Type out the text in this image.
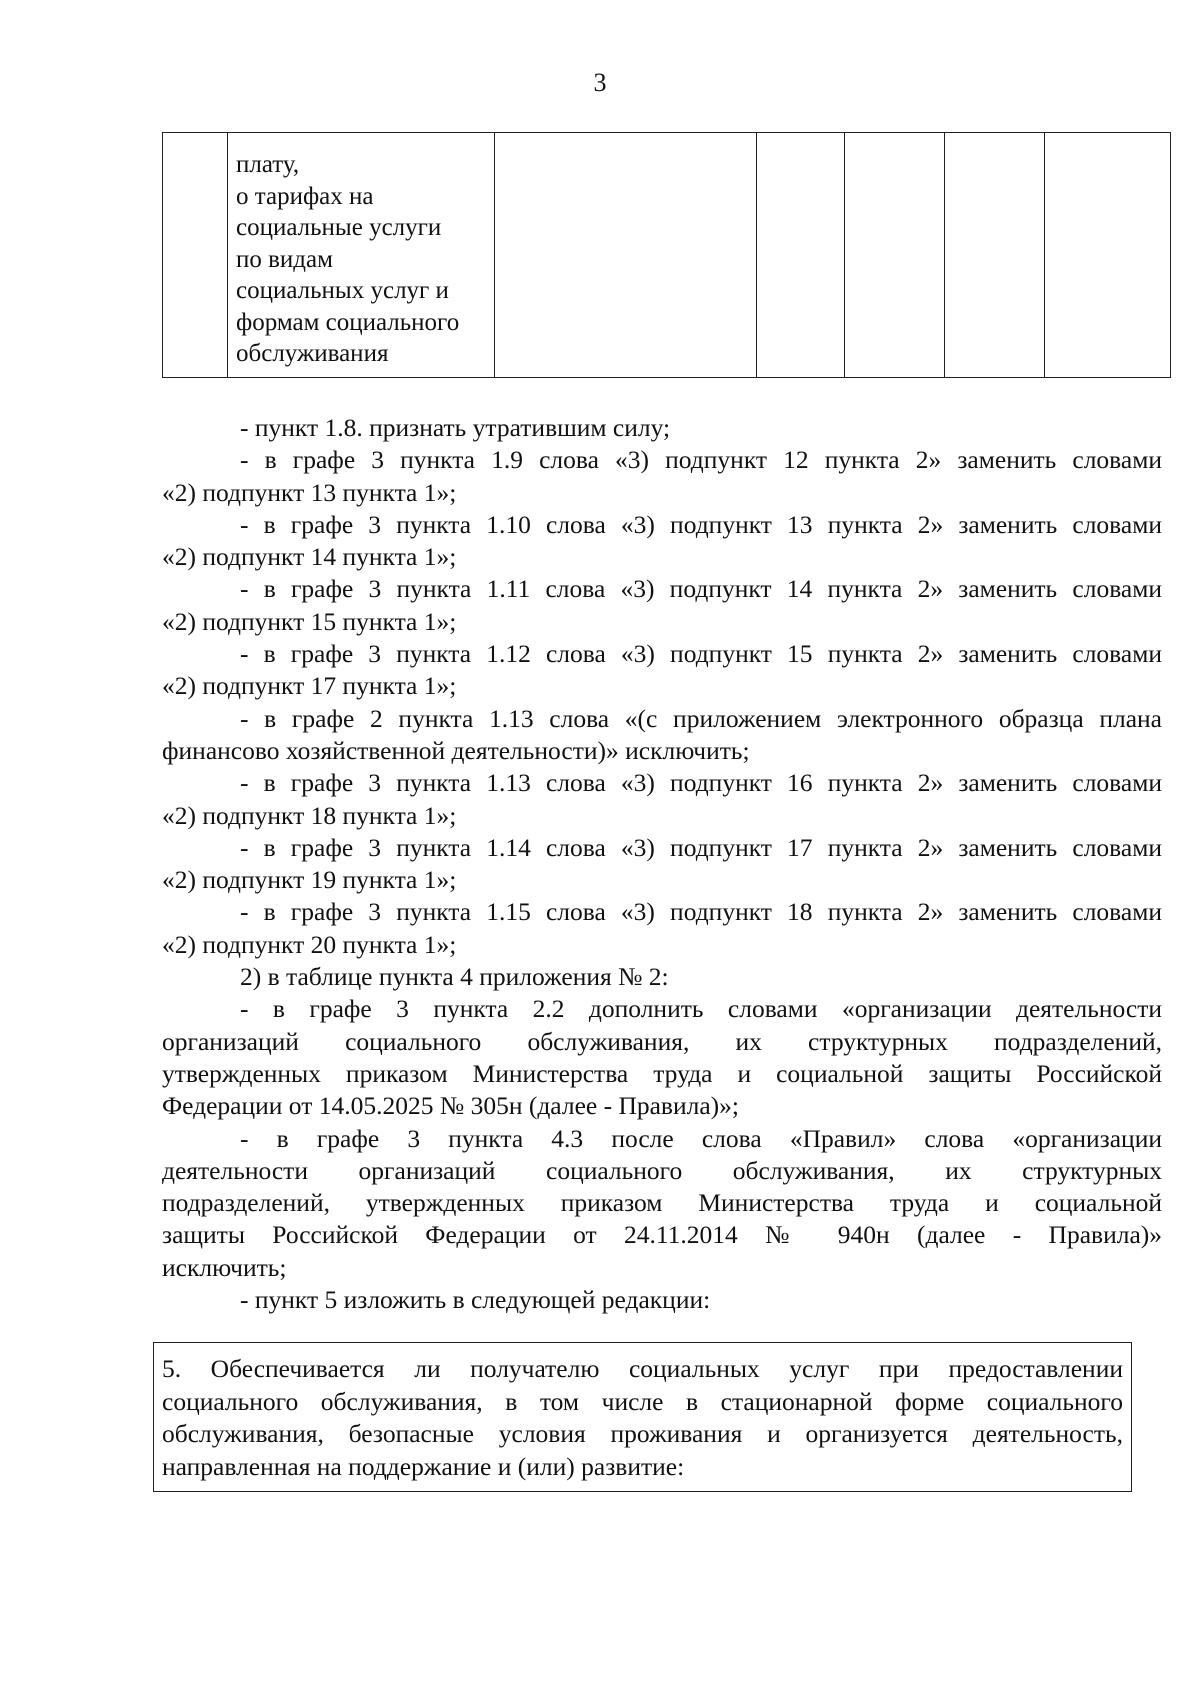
3

плату,
о тарифах на
социальные услуги
по видам
социальных услуг и
формам социального
обслуживания

- пункт 1.8. признать утратившим силу;
- в графе 3 пункта 1.9 слова «3) подпункт 12 пункта 2» заменить словами
«2) подпункт 13 пункта 1»;
- в графе 3 пункта 1.10 слова «3) подпункт 13 пункта 2» заменить словами
«2) подпункт 14 пункта 1»;
- в графе 3 пункта 1.11 слова «3) подпункт 14 пункта 2» заменить словами
«2) подпункт 15 пункта 1»;
- в графе 3 пункта 1.12 слова «3) подпункт 15 пункта 2» заменить словами
«2) подпункт 17 пункта 1»;
- в графе 2 пункта 1.13 слова «(с приложением электронного образца плана
финансово хозяйственной деятельности)» исключить;
- в графе 3 пункта 1.13 слова «3) подпункт 16 пункта 2» заменить словами
«2) подпункт 18 пункта 1»;
- в графе 3 пункта 1.14 слова «3) подпункт 17 пункта 2» заменить словами
«2) подпункт 19 пункта 1»;
- в графе 3 пункта 1.15 слова «3) подпункт 18 пункта 2» заменить словами
«2) подпункт 20 пункта 1»;
2) в таблице пункта 4 приложения № 2:
- в графе 3 пункта 2.2 дополнить словами «организации деятельности
организаций социального обслуживания, их структурных подразделений,
утвержденных приказом Министерства труда и социальной защиты Российской
Федерации от 14.05.2025 № 305н (далее - Правила)»;
- в графе 3 пункта 4.3 после слова «Правил» слова «организации
деятельности организаций социального обслуживания, их структурных
подразделений, утвержденных приказом Министерства труда и социальной
защиты Российской Федерации от 24.11.2014 № 940н (далее - Правила)»
исключить;
- пункт 5 изложить в следующей редакции:
5. Обеспечивается ли получателю социальных услуг при предоставлении
социального обслуживания, в том числе в стационарной форме социального
обслуживания, безопасные условия проживания и организуется деятельность,
направленная на поддержание и (или) развитие:
